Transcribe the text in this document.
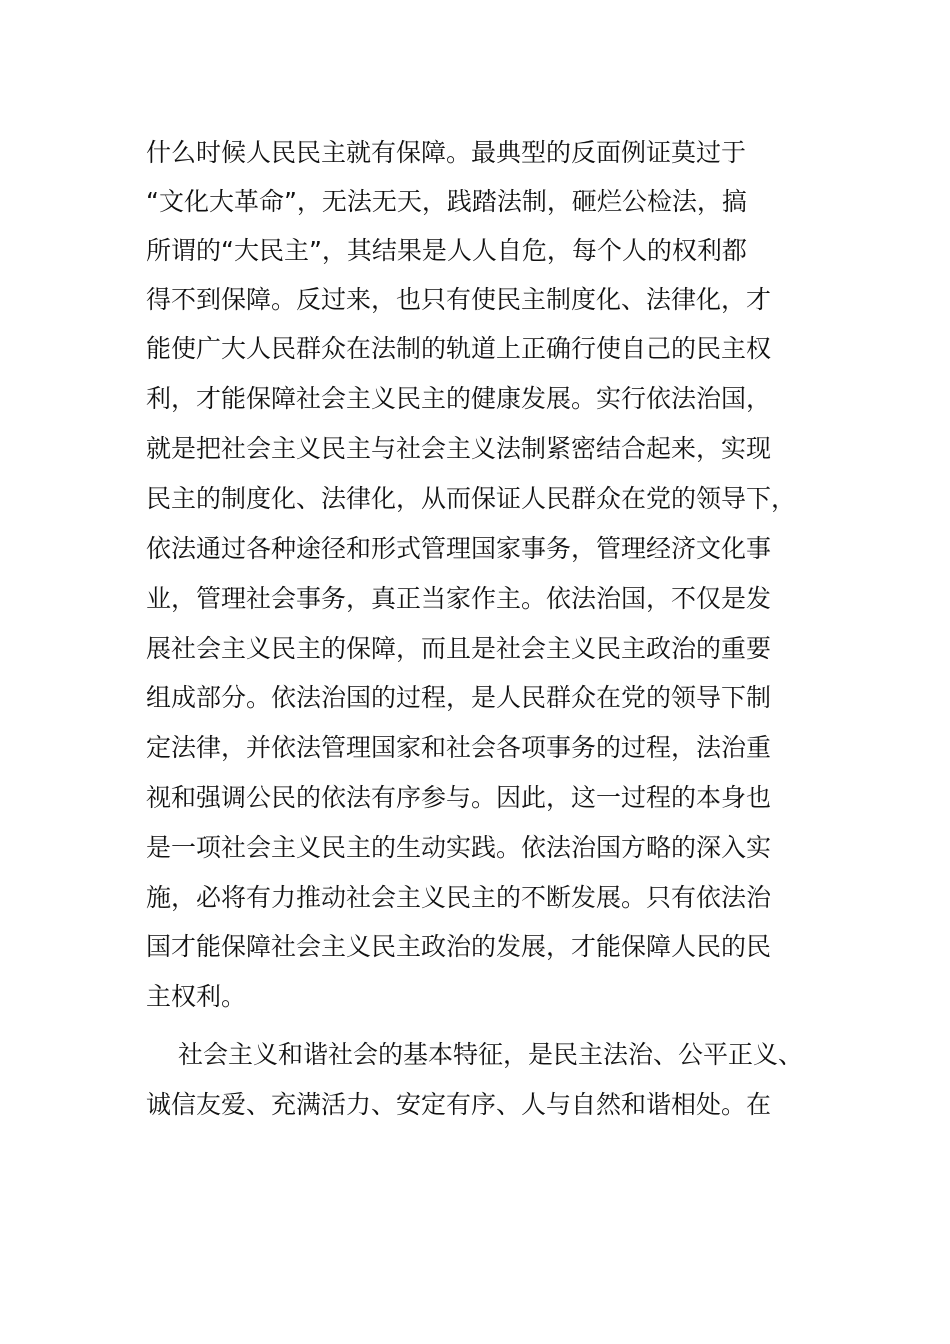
什么时候人民民主就有保障。最典型的反面例证莫过于
“文化大革命”，无法无天，践踏法制，砸烂公检法，搞
所谓的“大民主”，其结果是人人自危，每个人的权利都
得不到保障。反过来，也只有使民主制度化、法律化，才
能使广大人民群众在法制的轨道上正确行使自己的民主权
利，才能保障社会主义民主的健康发展。实行依法治国，
就是把社会主义民主与社会主义法制紧密结合起来，实现
民主的制度化、法律化，从而保证人民群众在党的领导下，
依法通过各种途径和形式管理国家事务，管理经济文化事
业，管理社会事务，真正当家作主。依法治国，不仅是发
展社会主义民主的保障，而且是社会主义民主政治的重要
组成部分。依法治国的过程，是人民群众在党的领导下制
定法律，并依法管理国家和社会各项事务的过程，法治重
视和强调公民的依法有序参与。因此，这一过程的本身也
是一项社会主义民主的生动实践。依法治国方略的深入实
施，必将有力推动社会主义民主的不断发展。只有依法治
国才能保障社会主义民主政治的发展，才能保障人民的民
主权利。
社会主义和谐社会的基本特征，是民主法治、公平正义、
诚信友爱、充满活力、安定有序、人与自然和谐相处。在
